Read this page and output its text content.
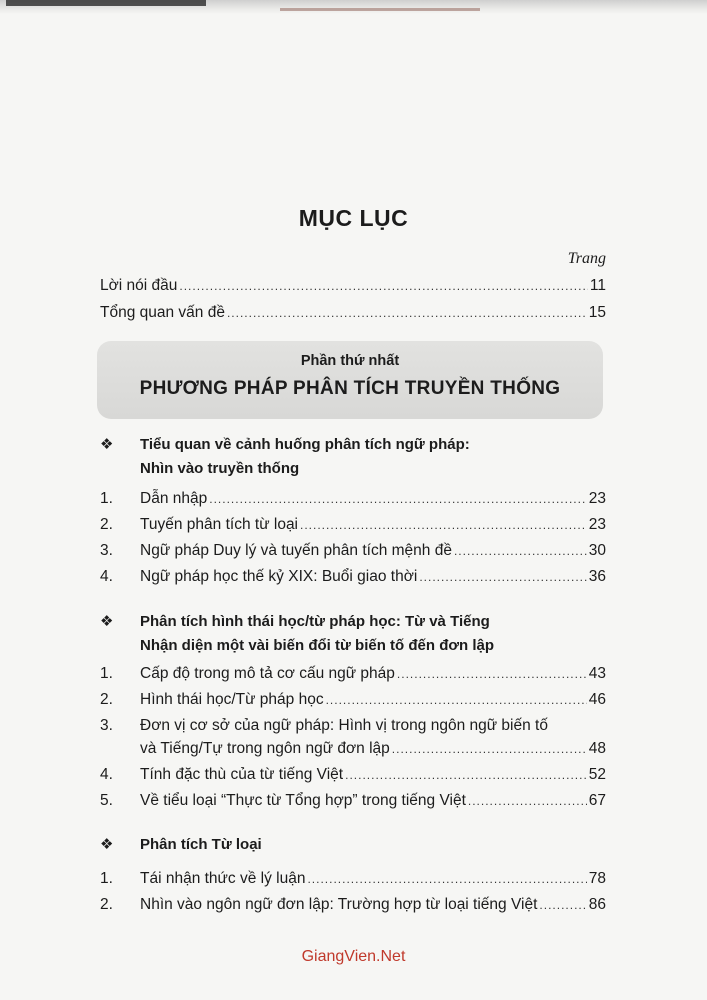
MỤC LỤC
Trang
Lời nói đầu .....	11
Tổng quan vấn đề .....	15
Phần thứ nhất
PHƯƠNG PHÁP PHÂN TÍCH TRUYỀN THỐNG
❖	Tiểu quan về cảnh huống phân tích ngữ pháp:
Nhìn vào truyền thống
1.	Dẫn nhập .....	23
2.	Tuyến phân tích từ loại .....	23
3.	Ngữ pháp Duy lý và tuyến phân tích mệnh đề .....	30
4.	Ngữ pháp học thế kỷ XIX: Buổi giao thời .....	36
❖	Phân tích hình thái học/từ pháp học: Từ và Tiếng
Nhận diện một vài biến đổi từ biến tố đến đơn lập
1.	Cấp độ trong mô tả cơ cấu ngữ pháp .....	43
2.	Hình thái học/Từ pháp học .....	46
3.	Đơn vị cơ sở của ngữ pháp: Hình vị trong ngôn ngữ biến tố
và Tiếng/Tự trong ngôn ngữ đơn lập .....	48
4.	Tính đặc thù của từ tiếng Việt .....	52
5.	Về tiểu loại “Thực từ Tổng hợp” trong tiếng Việt .....	67
❖	Phân tích Từ loại
1.	Tái nhận thức về lý luận .....	78
2.	Nhìn vào ngôn ngữ đơn lập: Trường hợp từ loại tiếng Việt .....	86
GiangVien.Net
